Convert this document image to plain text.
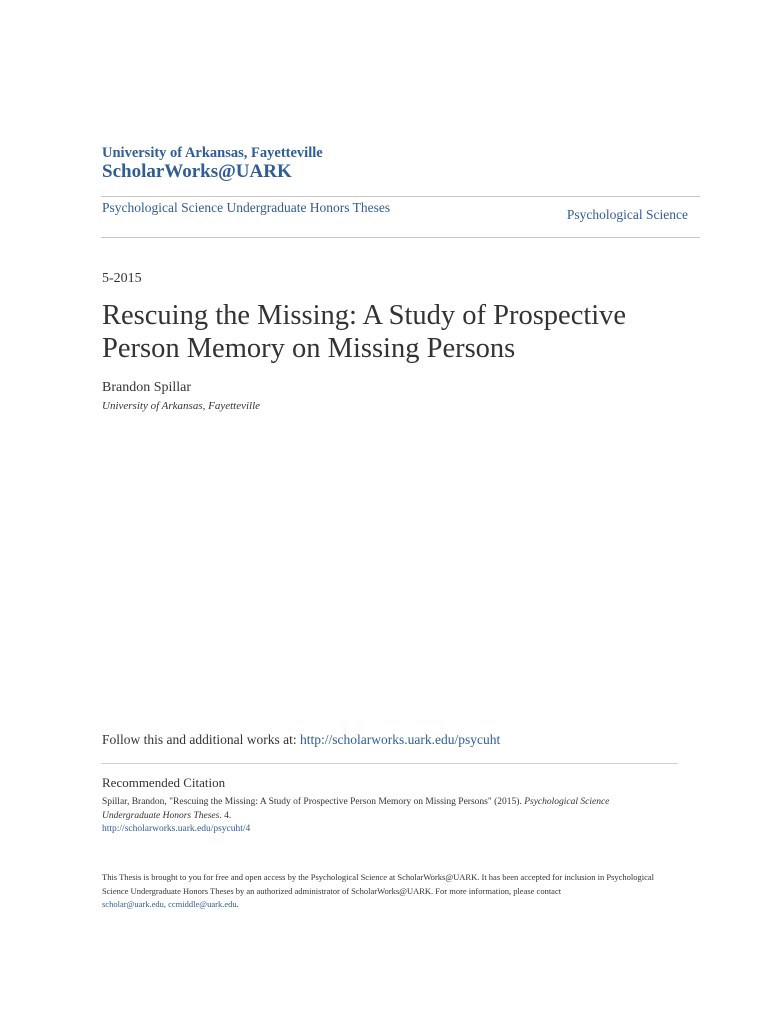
University of Arkansas, Fayetteville
ScholarWorks@UARK
Psychological Science Undergraduate Honors Theses	Psychological Science
5-2015
Rescuing the Missing: A Study of Prospective Person Memory on Missing Persons
Brandon Spillar
University of Arkansas, Fayetteville
Follow this and additional works at: http://scholarworks.uark.edu/psycuht
Recommended Citation
Spillar, Brandon, "Rescuing the Missing: A Study of Prospective Person Memory on Missing Persons" (2015). Psychological Science Undergraduate Honors Theses. 4.
http://scholarworks.uark.edu/psycuht/4
This Thesis is brought to you for free and open access by the Psychological Science at ScholarWorks@UARK. It has been accepted for inclusion in Psychological Science Undergraduate Honors Theses by an authorized administrator of ScholarWorks@UARK. For more information, please contact
scholar@uark.edu, ccmiddle@uark.edu.
